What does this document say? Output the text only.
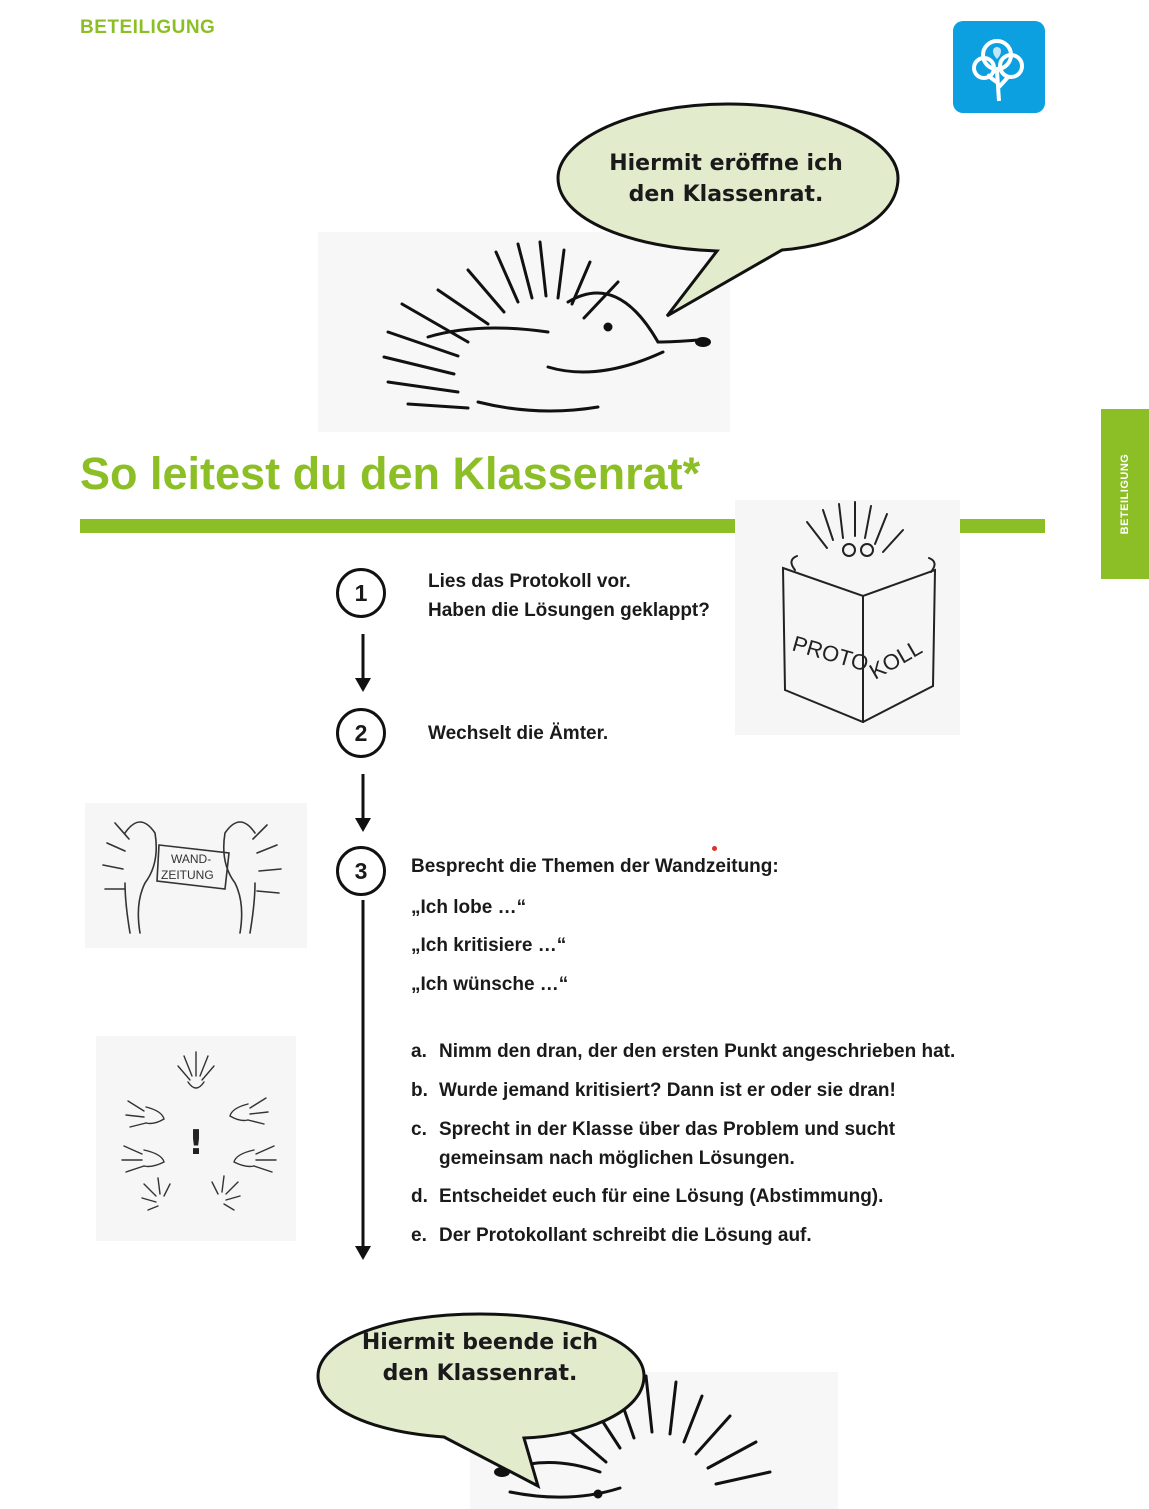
BETEILIGUNG
BETEILIGUNG
Hiermit eröffne ich
den Klassenrat.
So leitest du den Klassenrat*
PROTO
KOLL
1	Lies das Protokoll vor.
Haben die Lösungen geklappt?
2	Wechselt die Ämter.
WAND-
ZEITUNG	3	Besprecht die Themen der Wandzeitung:
„Ich lobe …“
„Ich kritisiere …“
„Ich wünsche …“
!
a. Nimm den dran, der den ersten Punkt angeschrieben hat.
b. Wurde jemand kritisiert? Dann ist er oder sie dran!
c. Sprecht in der Klasse über das Problem und sucht gemeinsam nach möglichen Lösungen.
d. Entscheidet euch für eine Lösung (Abstimmung).
e. Der Protokollant schreibt die Lösung auf.
Hiermit beende ich
den Klassenrat.
